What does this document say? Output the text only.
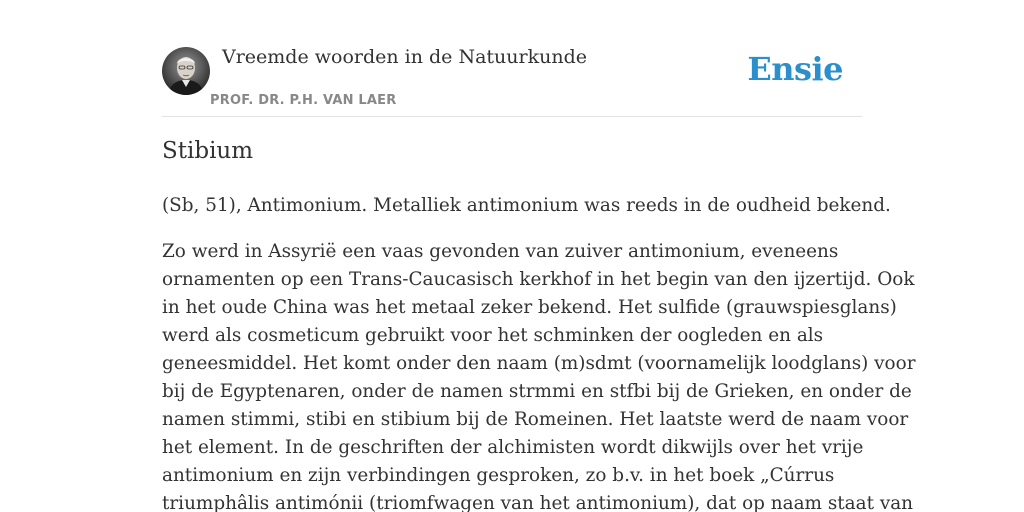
Vreemde woorden in de Natuurkunde
PROF. DR. P.H. VAN LAER
Ensie
Stibium

(Sb, 51), Antimonium. Metalliek antimonium was reeds in de oudheid bekend.

Zo werd in Assyrië een vaas gevonden van zuiver antimonium, eveneens
ornamenten op een Trans-Caucasisch kerkhof in het begin van den ijzertijd. Ook
in het oude China was het metaal zeker bekend. Het sulfide (grauwspiesglans)
werd als cosmeticum gebruikt voor het schminken der oogleden en als
geneesmiddel. Het komt onder den naam (m)sdmt (voornamelijk loodglans) voor
bij de Egyptenaren, onder de namen strmmi en stfbi bij de Grieken, en onder de
namen stimmi, stibi en stibium bij de Romeinen. Het laatste werd de naam voor
het element. In de geschriften der alchimisten wordt dikwijls over het vrije
antimonium en zijn verbindingen gesproken, zo b.v. in het boek „Cúrrus
triumphâlis antimónii (triomfwagen van het antimonium), dat op naam staat van
